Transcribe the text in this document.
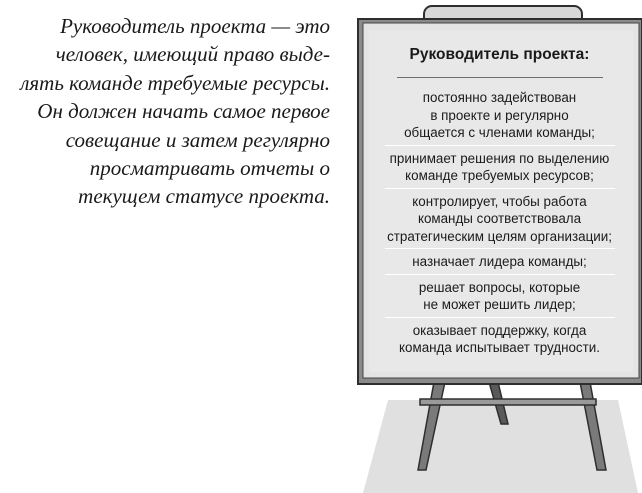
Руководитель проекта — это
человек, имеющий право выде-
лять команде требуемые ресурсы.
Он должен начать самое первое
совещание и затем регулярно
просматривать отчеты о
текущем статусе проекта.

Руководитель проекта:
постоянно задействован
в проекте и регулярно
общается с членами команды;
принимает решения по выделению
команде требуемых ресурсов;
контролирует, чтобы работа
команды соответствовала
стратегическим целям организации;
назначает лидера команды;
решает вопросы, которые
не может решить лидер;
оказывает поддержку, когда
команда испытывает трудности.
